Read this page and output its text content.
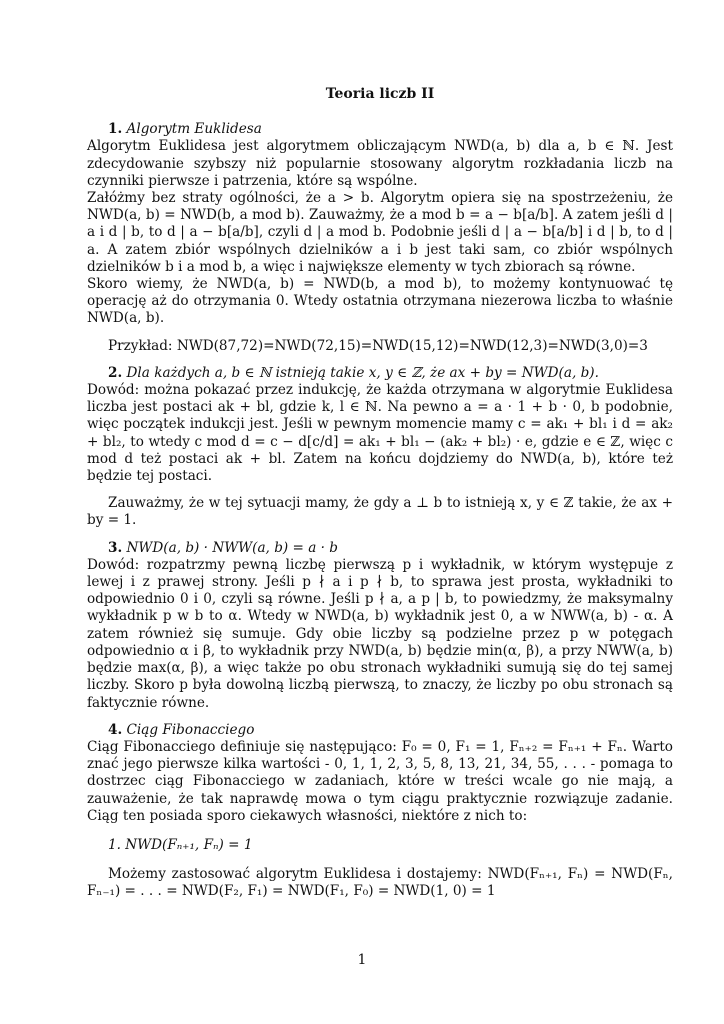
Teoria liczb II
1. Algorytm Euklidesa
Algorytm Euklidesa jest algorytmem obliczającym NWD(a, b) dla a, b ∈ ℕ. Jest zdecydowanie szybszy niż popularnie stosowany algorytm rozkładania liczb na czynniki pierwsze i patrzenia, które są wspólne.
Załóżmy bez straty ogólności, że a > b. Algorytm opiera się na spostrzeżeniu, że NWD(a, b) = NWD(b, a mod b). Zauważmy, że a mod b = a − b[a/b]. A zatem jeśli d | a i d | b, to d | a − b[a/b], czyli d | a mod b. Podobnie jeśli d | a − b[a/b] i d | b, to d | a. A zatem zbiór wspólnych dzielników a i b jest taki sam, co zbiór wspólnych dzielników b i a mod b, a więc i największe elementy w tych zbiorach są równe.
Skoro wiemy, że NWD(a, b) = NWD(b, a mod b), to możemy kontynuować tę operację aż do otrzymania 0. Wtedy ostatnia otrzymana niezerowa liczba to właśnie NWD(a, b).
Przykład: NWD(87,72)=NWD(72,15)=NWD(15,12)=NWD(12,3)=NWD(3,0)=3
2. Dla każdych a, b ∈ ℕ istnieją takie x, y ∈ ℤ, że ax + by = NWD(a, b).
Dowód: można pokazać przez indukcję, że każda otrzymana w algorytmie Euklidesa liczba jest postaci ak + bl, gdzie k, l ∈ ℕ. Na pewno a = a · 1 + b · 0, b podobnie, więc początek indukcji jest. Jeśli w pewnym momencie mamy c = ak₁ + bl₁ i d = ak₂ + bl₂, to wtedy c mod d = c − d[c/d] = ak₁ + bl₁ − (ak₂ + bl₂) · e, gdzie e ∈ ℤ, więc c mod d też postaci ak + bl. Zatem na końcu dojdziemy do NWD(a, b), które też będzie tej postaci.
Zauważmy, że w tej sytuacji mamy, że gdy a ⊥ b to istnieją x, y ∈ ℤ takie, że ax + by = 1.
3. NWD(a, b) · NWW(a, b) = a · b
Dowód: rozpatrzmy pewną liczbę pierwszą p i wykładnik, w którym występuje z lewej i z prawej strony. Jeśli p ∤ a i p ∤ b, to sprawa jest prosta, wykładniki to odpowiednio 0 i 0, czyli są równe. Jeśli p ∤ a, a p | b, to powiedzmy, że maksymalny wykładnik p w b to α. Wtedy w NWD(a, b) wykładnik jest 0, a w NWW(a, b) - α. A zatem również się sumuje. Gdy obie liczby są podzielne przez p w potęgach odpowiednio α i β, to wykładnik przy NWD(a, b) będzie min(α, β), a przy NWW(a, b) będzie max(α, β), a więc także po obu stronach wykładniki sumują się do tej samej liczby. Skoro p była dowolną liczbą pierwszą, to znaczy, że liczby po obu stronach są faktycznie równe.
4. Ciąg Fibonacciego
Ciąg Fibonacciego definiuje się następująco: F₀ = 0, F₁ = 1, Fₙ₊₂ = Fₙ₊₁ + Fₙ. Warto znać jego pierwsze kilka wartości - 0, 1, 1, 2, 3, 5, 8, 13, 21, 34, 55, . . . - pomaga to dostrzec ciąg Fibonacciego w zadaniach, które w treści wcale go nie mają, a zauważenie, że tak naprawdę mowa o tym ciągu praktycznie rozwiązuje zadanie. Ciąg ten posiada sporo ciekawych własności, niektóre z nich to:
1. NWD(Fₙ₊₁, Fₙ) = 1
Możemy zastosować algorytm Euklidesa i dostajemy: NWD(Fₙ₊₁, Fₙ) = NWD(Fₙ, Fₙ₋₁) = . . . = NWD(F₂, F₁) = NWD(F₁, F₀) = NWD(1, 0) = 1
1
